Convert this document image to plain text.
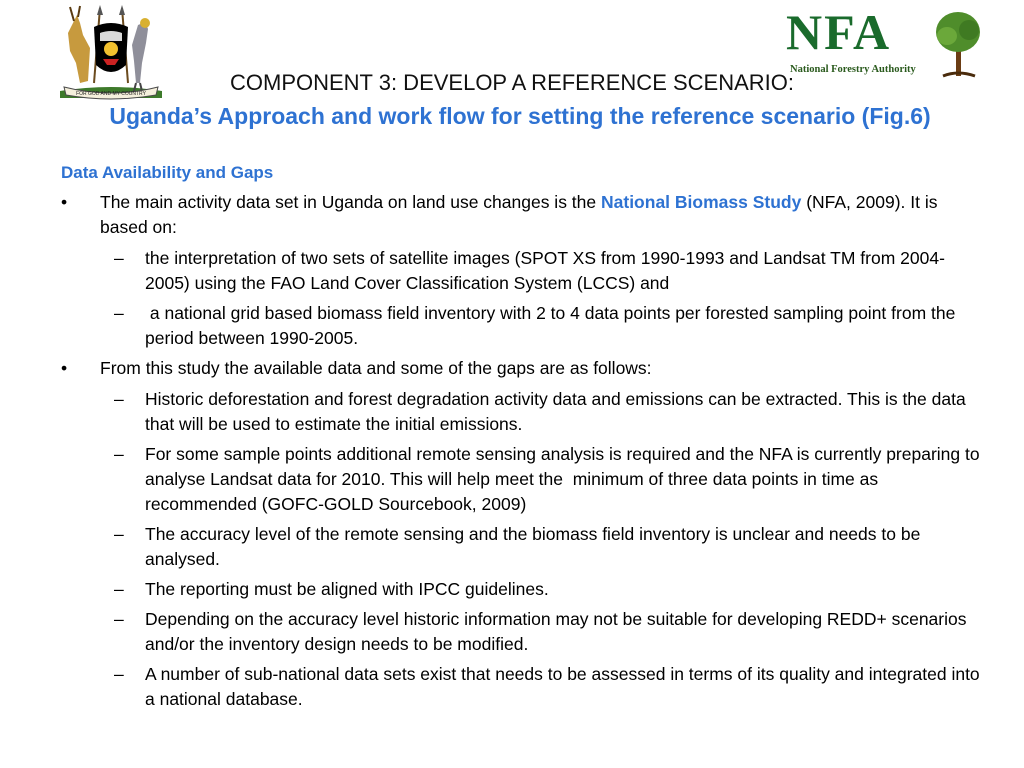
FOR GOD AND MY COUNTRY
NFA
National Forestry Authority
COMPONENT 3: DEVELOP A REFERENCE SCENARIO:
Uganda’s Approach and work flow for setting the reference scenario (Fig.6)
Data Availability and Gaps
• The main activity data set in Uganda on land use changes is the National Biomass Study (NFA, 2009). It is based on:
– the interpretation of two sets of satellite images (SPOT XS from 1990-1993 and Landsat TM from 2004-2005) using the FAO Land Cover Classification System (LCCS) and
– a national grid based biomass field inventory with 2 to 4 data points per forested sampling point from the period between 1990-2005.
• From this study the available data and some of the gaps are as follows:
– Historic deforestation and forest degradation activity data and emissions can be extracted. This is the data that will be used to estimate the initial emissions.
– For some sample points additional remote sensing analysis is required and the NFA is currently preparing to analyse Landsat data for 2010. This will help meet the  minimum of three data points in time as recommended (GOFC-GOLD Sourcebook, 2009)
– The accuracy level of the remote sensing and the biomass field inventory is unclear and needs to be analysed.
– The reporting must be aligned with IPCC guidelines.
– Depending on the accuracy level historic information may not be suitable for developing REDD+ scenarios and/or the inventory design needs to be modified.
– A number of sub-national data sets exist that needs to be assessed in terms of its quality and integrated into a national database.
